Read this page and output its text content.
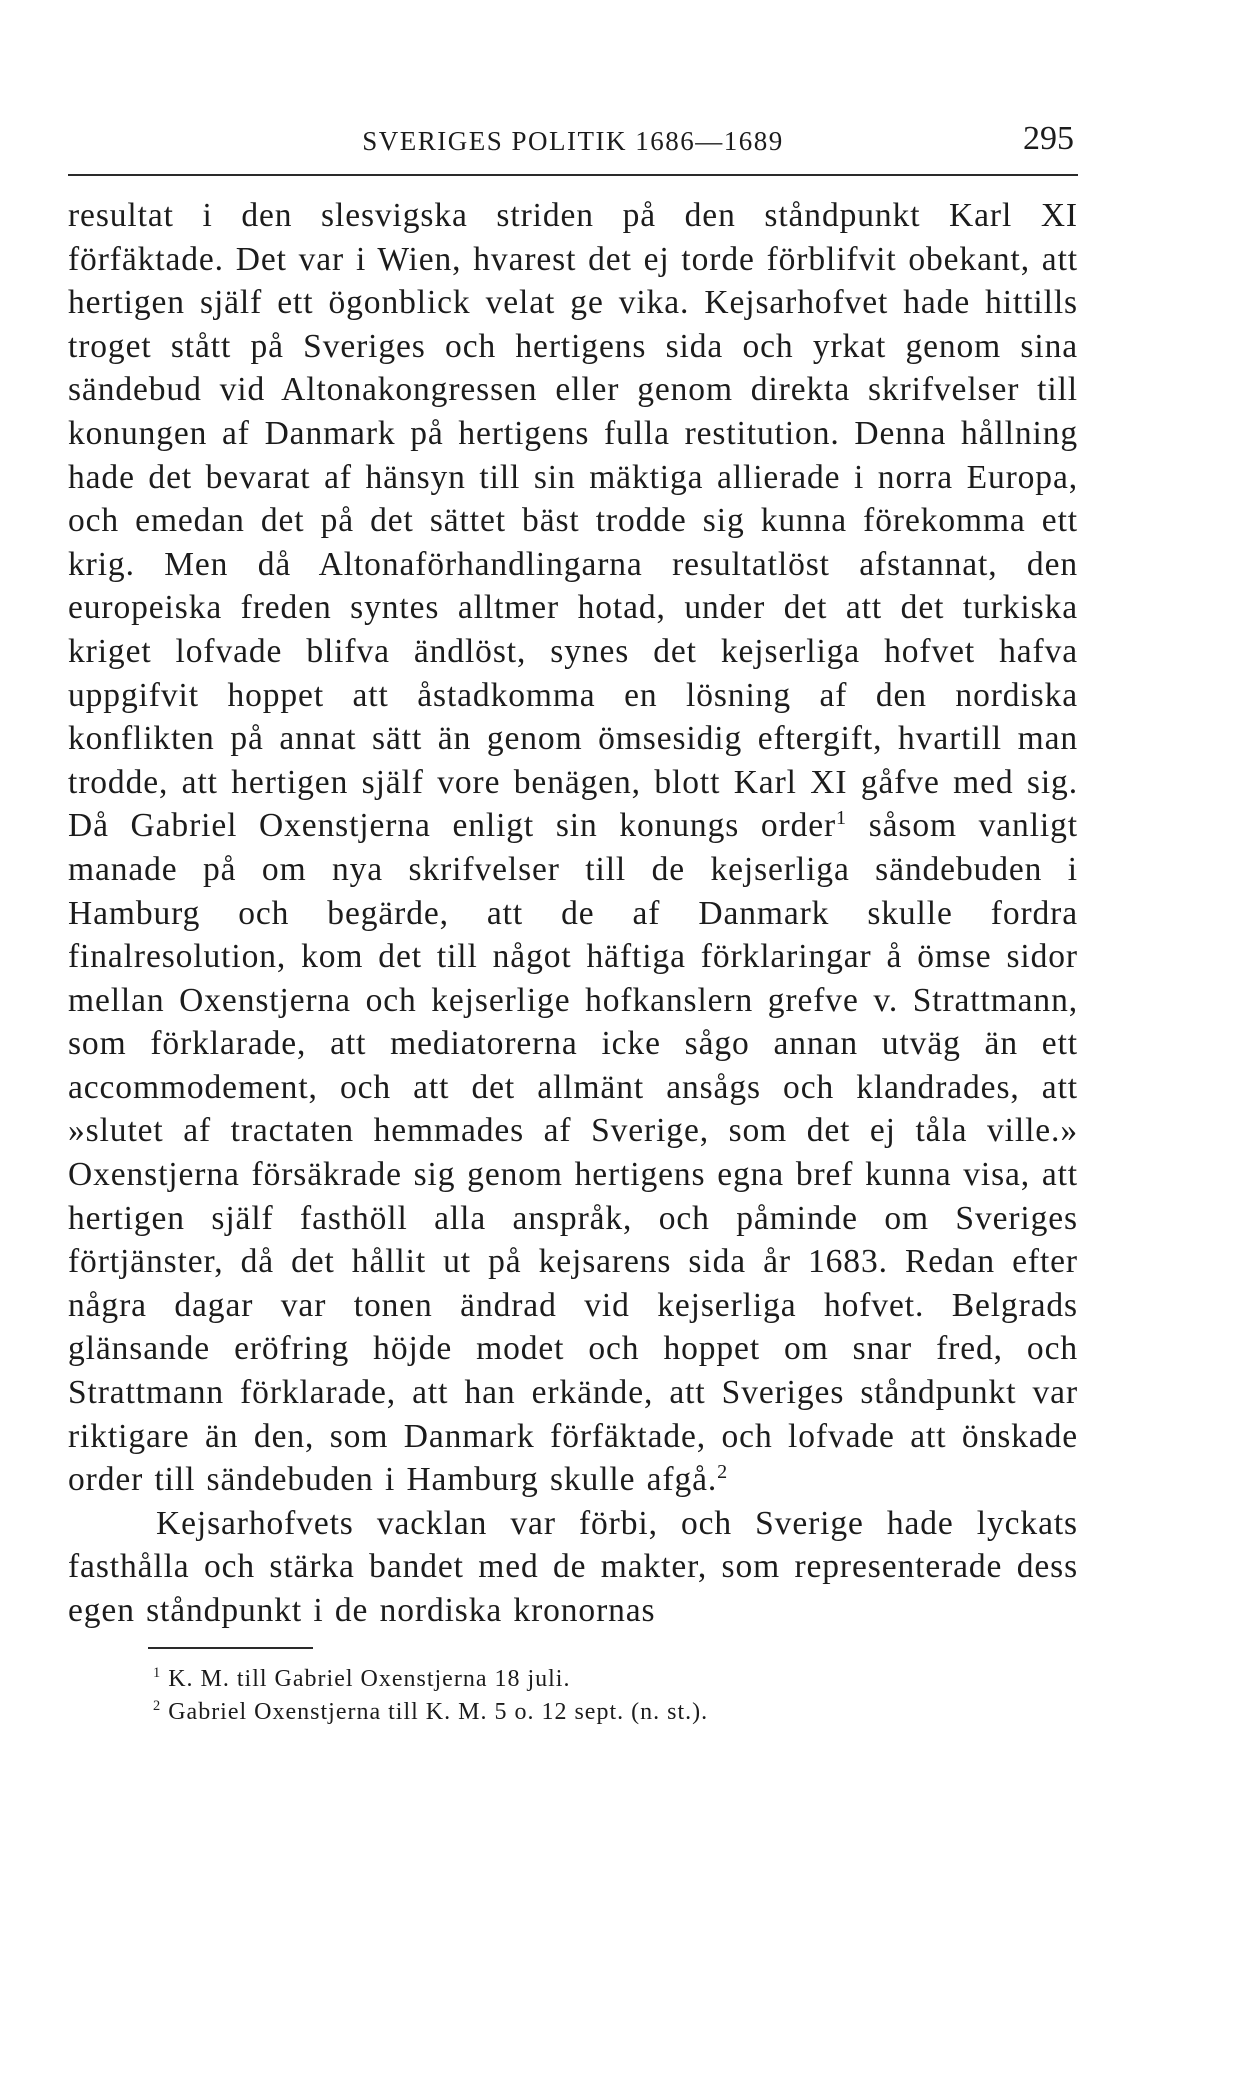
SVERIGES POLITIK 1686—1689	295

resultat i den slesvigska striden på den ståndpunkt Karl XI förfäktade. Det var i Wien, hvarest det ej torde förblifvit obekant, att hertigen själf ett ögonblick velat ge vika. Kejsarhofvet hade hittills troget stått på Sveriges och hertigens sida och yrkat genom sina sändebud vid Altonakongressen eller genom direkta skrifvelser till konungen af Danmark på hertigens fulla restitution. Denna hållning hade det bevarat af hänsyn till sin mäktiga allierade i norra Europa, och emedan det på det sättet bäst trodde sig kunna förekomma ett krig. Men då Altonaförhandlingarna resultatlöst afstannat, den europeiska freden syntes alltmer hotad, under det att det turkiska kriget lofvade blifva ändlöst, synes det kejserliga hofvet hafva uppgifvit hoppet att åstadkomma en lösning af den nordiska konflikten på annat sätt än genom ömsesidig eftergift, hvartill man trodde, att hertigen själf vore benägen, blott Karl XI gåfve med sig. Då Gabriel Oxenstjerna enligt sin konungs order$^1$ såsom vanligt manade på om nya skrifvelser till de kejserliga sändebuden i Hamburg och begärde, att de af Danmark skulle fordra finalresolution, kom det till något häftiga förklaringar å ömse sidor mellan Oxenstjerna och kejserlige hofkanslern grefve v. Strattmann, som förklarade, att mediatorerna icke sågo annan utväg än ett accommodement, och att det allmänt ansågs och klandrades, att »slutet af tractaten hemmades af Sverige, som det ej tåla ville.» Oxenstjerna försäkrade sig genom hertigens egna bref kunna visa, att hertigen själf fasthöll alla anspråk, och påminde om Sveriges förtjänster, då det hållit ut på kejsarens sida år 1683. Redan efter några dagar var tonen ändrad vid kejserliga hofvet. Belgrads glänsande eröfring höjde modet och hoppet om snar fred, och Strattmann förklarade, att han erkände, att Sveriges ståndpunkt var riktigare än den, som Danmark förfäktade, och lofvade att önskade order till sändebuden i Hamburg skulle afgå.$^2$

Kejsarhofvets vacklan var förbi, och Sverige hade lyckats fasthålla och stärka bandet med de makter, som representerade dess egen ståndpunkt i de nordiska kronornas

$^1$ K. M. till Gabriel Oxenstjerna 18 juli.
$^2$ Gabriel Oxenstjerna till K. M. 5 o. 12 sept. (n. st.).
